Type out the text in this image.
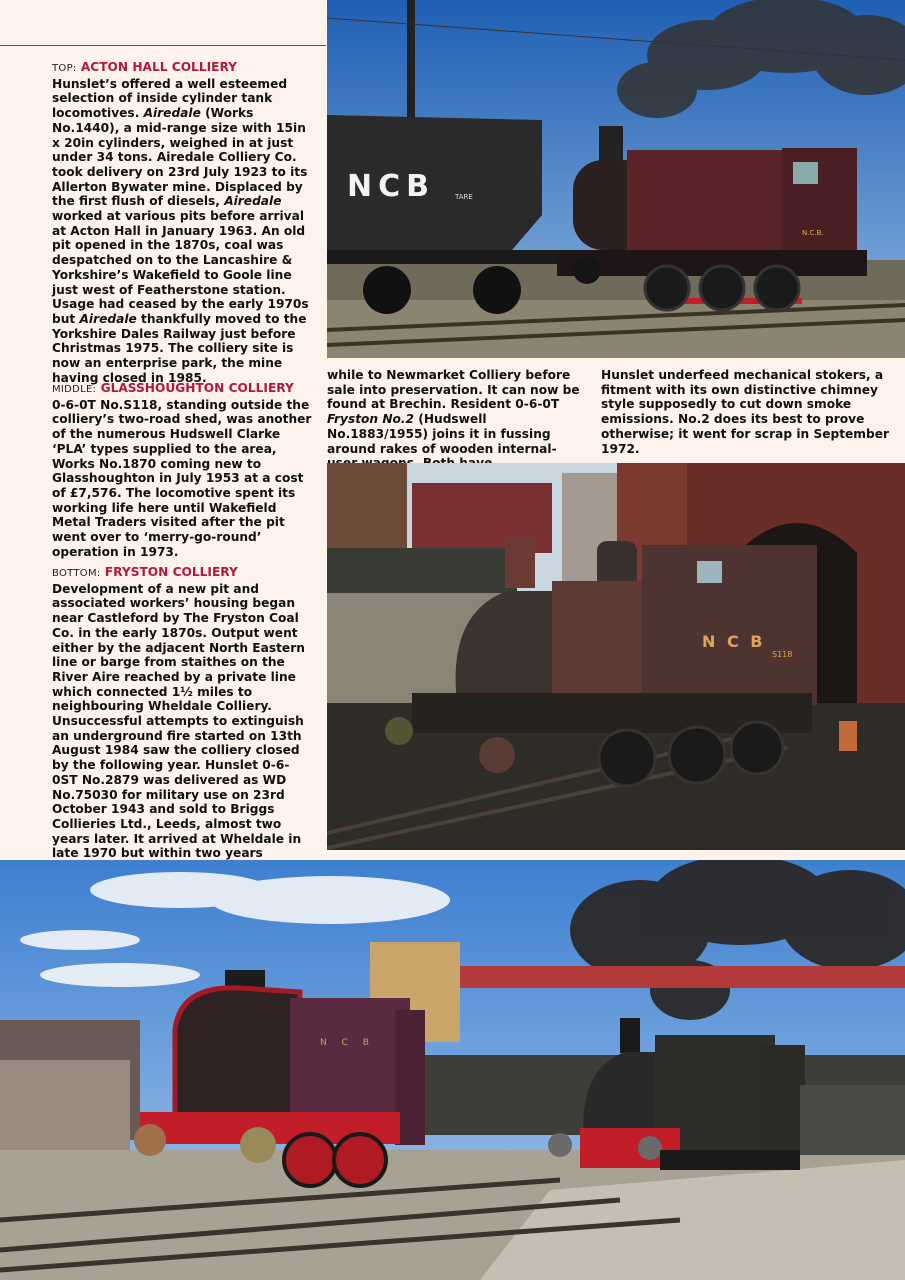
TOP: ACTON HALL COLLIERY
Hunslet’s offered a well esteemed selection of inside cylinder tank locomotives. Airedale (Works No.1440), a mid-range size with 15in x 20in cylinders, weighed in at just under 34 tons. Airedale Colliery Co. took delivery on 23rd July 1923 to its Allerton Bywater mine. Displaced by the first flush of diesels, Airedale worked at various pits before arrival at Acton Hall in January 1963. An old pit opened in the 1870s, coal was despatched on to the Lancashire & Yorkshire’s Wakefield to Goole line just west of Featherstone station. Usage had ceased by the early 1970s but Airedale thankfully moved to the Yorkshire Dales Railway just before Christmas 1975. The colliery site is now an enterprise park, the mine having closed in 1985.
MIDDLE: GLASSHOUGHTON COLLIERY
0-6-0T No.S118, standing outside the colliery’s two-road shed, was another of the numerous Hudswell Clarke ‘PLA’ types supplied to the area, Works No.1870 coming new to Glasshoughton in July 1953 at a cost of £7,576. The locomotive spent its working life here until Wakefield Metal Traders visited after the pit went over to ‘merry-go-round’ operation in 1973.
BOTTOM: FRYSTON COLLIERY
Development of a new pit and associated workers’ housing began near Castleford by The Fryston Coal Co. in the early 1870s. Output went either by the adjacent North Eastern line or barge from staithes on the River Aire reached by a private line which connected 1½ miles to neighbouring Wheldale Colliery. Unsuccessful attempts to extinguish an underground fire started on 13th August 1984 saw the colliery closed by the following year. Hunslet 0-6-0ST No.2879 was delivered as WD No.75030 for military use on 23rd October 1943 and sold to Briggs Collieries Ltd., Leeds, almost two years later. It arrived at Wheldale in late 1970 but within two years
while to Newmarket Colliery before sale into preservation. It can now be found at Brechin. Resident 0-6-0T Fryston No.2 (Hudswell No.1883/1955) joins it in fussing around rakes of wooden internal-
Hunslet underfeed mechanical stokers, a fitment with its own distinctive chimney style supposedly to cut down smoke emissions. No.2 does its best to prove otherwise; it went for scrap in September 1972.
NCB	TARE
N.C.B.
N C B
S118
N C B
